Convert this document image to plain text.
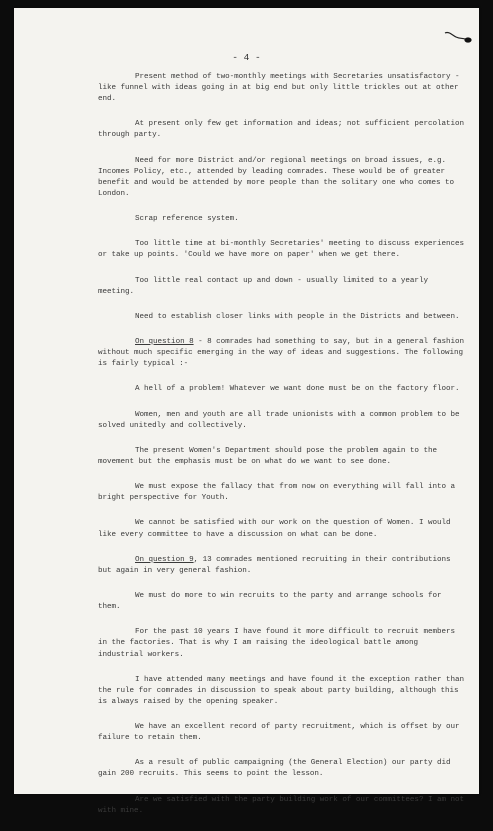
- 4 -

Present method of two-monthly meetings with Secretaries unsatisfactory - like funnel with ideas going in at big end but only little trickles out at other end.

At present only few get information and ideas; not sufficient percolation through party.

Need for more District and/or regional meetings on broad issues, e.g. Incomes Policy, etc., attended by leading comrades. These would be of greater benefit and would be attended by more people than the solitary one who comes to London.

Scrap reference system.

Too little time at bi-monthly Secretaries' meeting to discuss experiences or take up points. 'Could we have more on paper' when we get there.

Too little real contact up and down - usually limited to a yearly meeting.

Need to establish closer links with people in the Districts and between.

On question 8 - 8 comrades had something to say, but in a general fashion without much specific emerging in the way of ideas and suggestions. The following is fairly typical :-

A hell of a problem! Whatever we want done must be on the factory floor.

Women, men and youth are all trade unionists with a common problem to be solved unitedly and collectively.

The present Women's Department should pose the problem again to the movement but the emphasis must be on what do we want to see done.

We must expose the fallacy that from now on everything will fall into a bright perspective for Youth.

We cannot be satisfied with our work on the question of Women. I would like every committee to have a discussion on what can be done.

On question 9, 13 comrades mentioned recruiting in their contributions but again in very general fashion.

We must do more to win recruits to the party and arrange schools for them.

For the past 10 years I have found it more difficult to recruit members in the factories. That is why I am raising the ideological battle among industrial workers.

I have attended many meetings and have found it the exception rather than the rule for comrades in discussion to speak about party building, although this is always raised by the opening speaker.

We have an excellent record of party recruitment, which is offset by our failure to retain them.

As a result of public campaigning (the General Election) our party did gain 200 recruits. This seems to point the lesson.

Are we satisfied with the party building work of our committees? I am not with mine.
